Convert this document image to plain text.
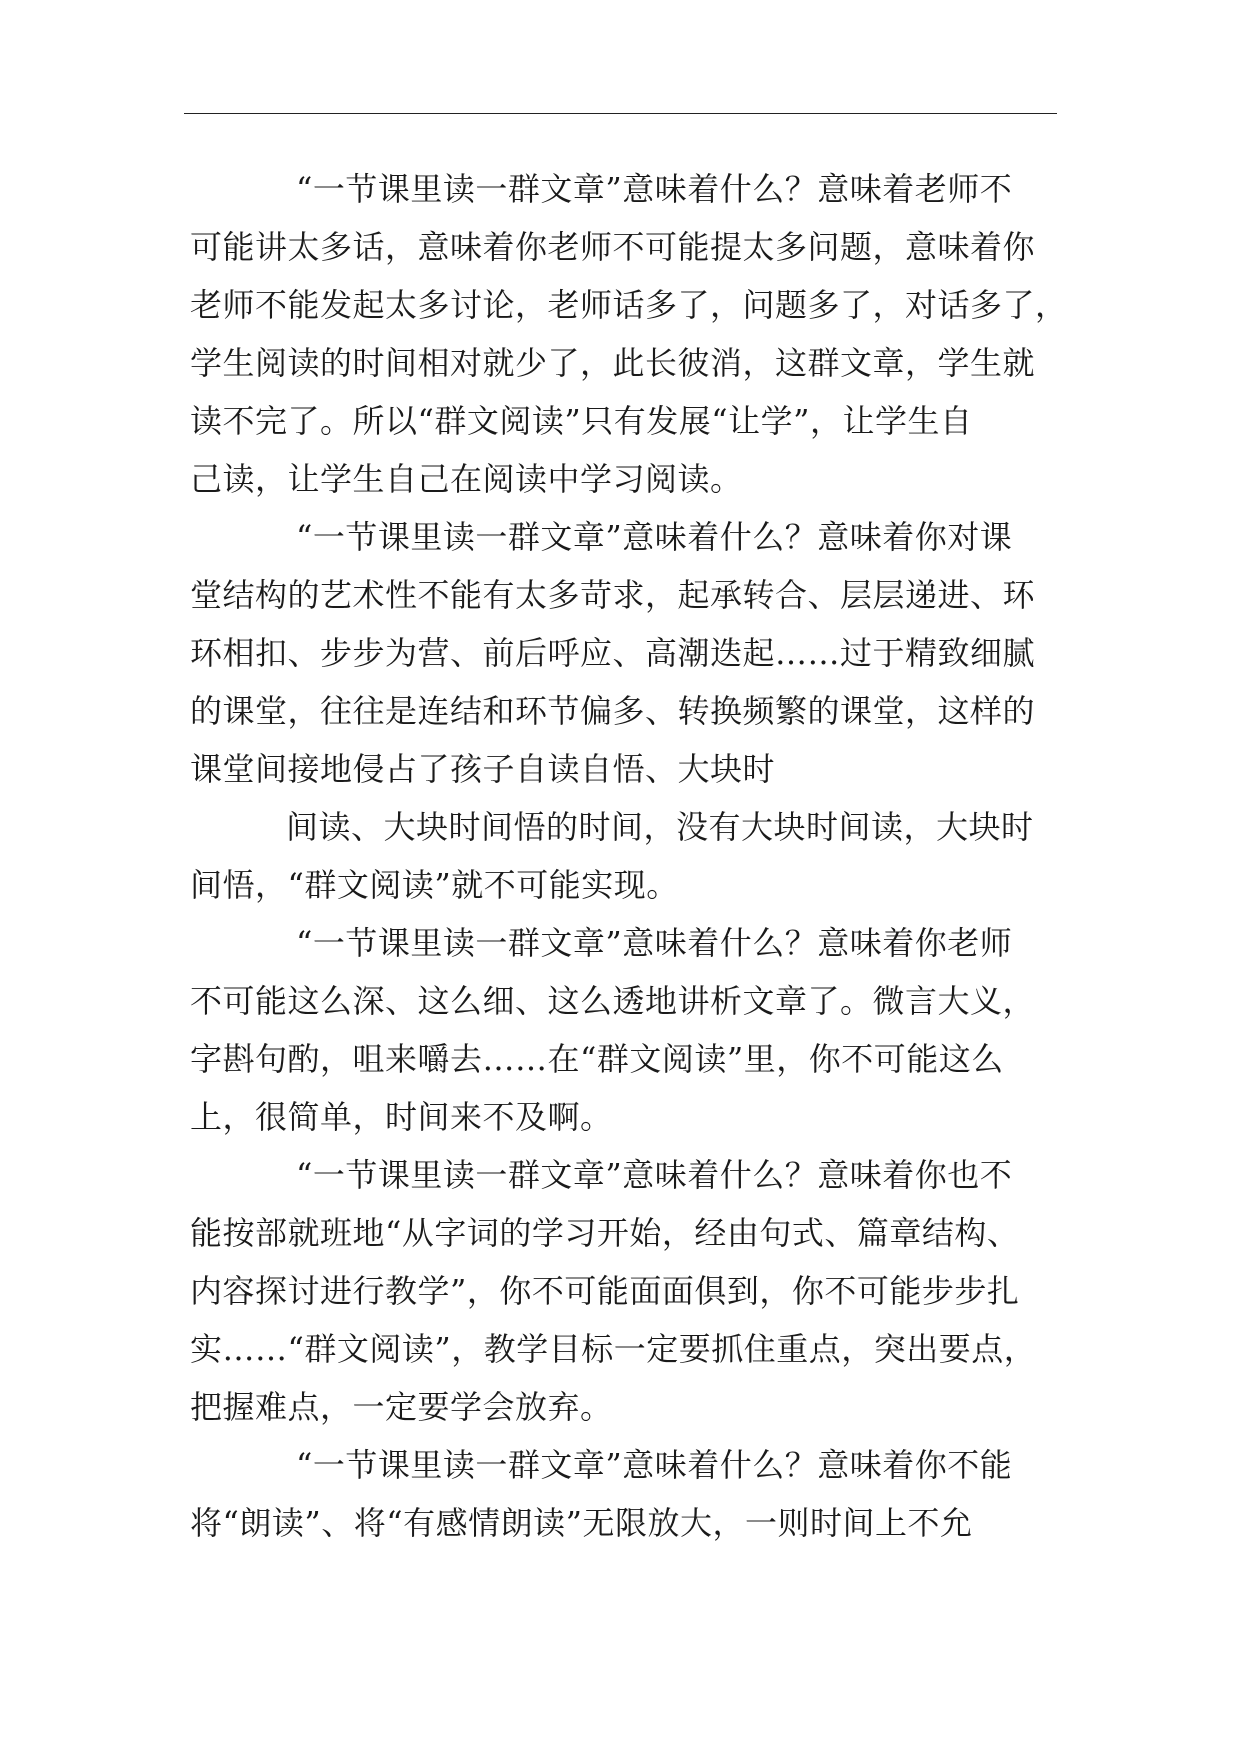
“一节课里读一群文章”意味着什么？意味着老师不
可能讲太多话，意味着你老师不可能提太多问题，意味着你
老师不能发起太多讨论，老师话多了，问题多了，对话多了，
学生阅读的时间相对就少了，此长彼消，这群文章，学生就
读不完了。所以“群文阅读”只有发展“让学”，让学生自
己读，让学生自己在阅读中学习阅读。
“一节课里读一群文章”意味着什么？意味着你对课
堂结构的艺术性不能有太多苛求，起承转合、层层递进、环
环相扣、步步为营、前后呼应、高潮迭起……过于精致细腻
的课堂，往往是连结和环节偏多、转换频繁的课堂，这样的
课堂间接地侵占了孩子自读自悟、大块时
间读、大块时间悟的时间，没有大块时间读，大块时
间悟，“群文阅读”就不可能实现。
“一节课里读一群文章”意味着什么？意味着你老师
不可能这么深、这么细、这么透地讲析文章了。微言大义，
字斟句酌，咀来嚼去……在“群文阅读”里，你不可能这么
上，很简单，时间来不及啊。
“一节课里读一群文章”意味着什么？意味着你也不
能按部就班地“从字词的学习开始，经由句式、篇章结构、
内容探讨进行教学”，你不可能面面俱到，你不可能步步扎
实……“群文阅读”，教学目标一定要抓住重点，突出要点，
把握难点，一定要学会放弃。
“一节课里读一群文章”意味着什么？意味着你不能
将“朗读”、将“有感情朗读”无限放大，一则时间上不允
